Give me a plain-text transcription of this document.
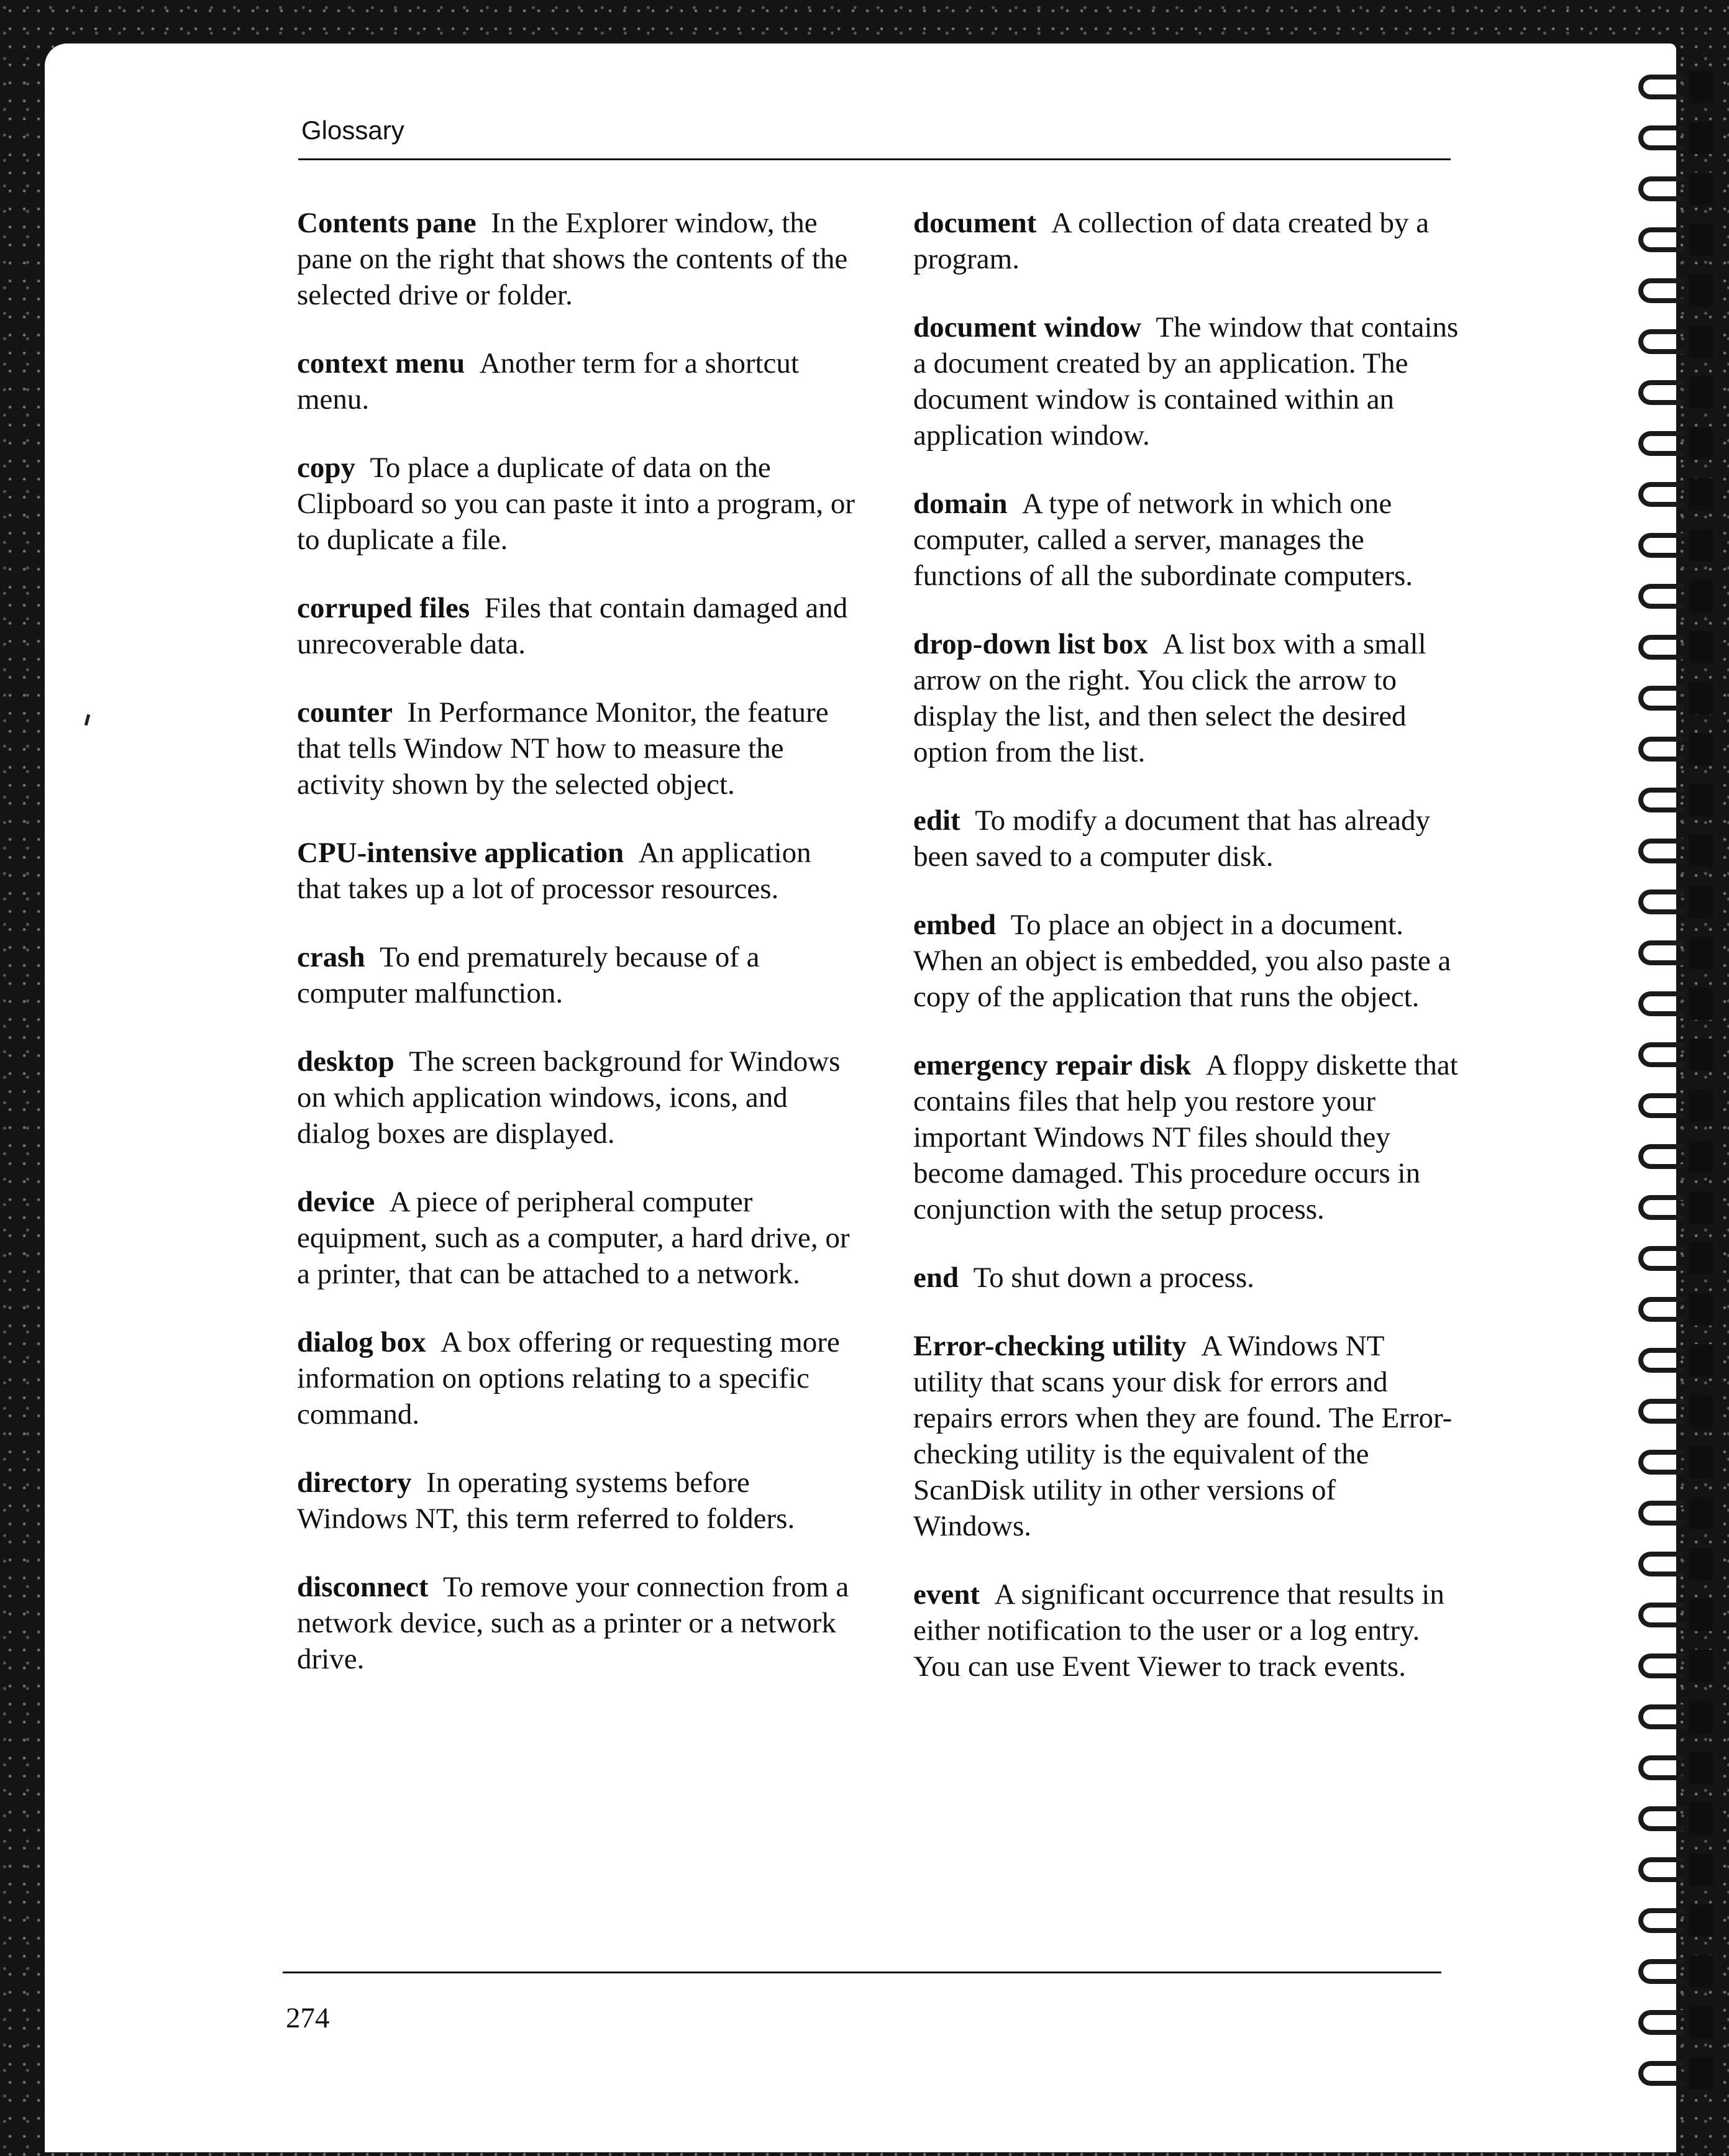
Glossary
Contents pane In the Explorer window, the pane on the right that shows the contents of the selected drive or folder.
context menu Another term for a shortcut menu.
copy To place a duplicate of data on the Clipboard so you can paste it into a program, or to duplicate a file.
corruped files Files that contain damaged and unrecoverable data.
counter In Performance Monitor, the feature that tells Window NT how to measure the activity shown by the selected object.
CPU-intensive application An application that takes up a lot of processor resources.
crash To end prematurely because of a computer malfunction.
desktop The screen background for Windows on which application windows, icons, and dialog boxes are displayed.
device A piece of peripheral computer equipment, such as a computer, a hard drive, or a printer, that can be attached to a network.
dialog box A box offering or requesting more information on options relating to a specific command.
directory In operating systems before Windows NT, this term referred to folders.
disconnect To remove your connection from a network device, such as a printer or a network drive.
document A collection of data created by a program.
document window The window that contains a document created by an application. The document window is contained within an application window.
domain A type of network in which one computer, called a server, manages the functions of all the subordinate computers.
drop-down list box A list box with a small arrow on the right. You click the arrow to display the list, and then select the desired option from the list.
edit To modify a document that has already been saved to a computer disk.
embed To place an object in a document. When an object is embedded, you also paste a copy of the application that runs the object.
emergency repair disk A floppy diskette that contains files that help you restore your important Windows NT files should they become damaged. This procedure occurs in conjunction with the setup process.
end To shut down a process.
Error-checking utility A Windows NT utility that scans your disk for errors and repairs errors when they are found. The Error-checking utility is the equivalent of the ScanDisk utility in other versions of Windows.
event A significant occurrence that results in either notification to the user or a log entry. You can use Event Viewer to track events.
274
